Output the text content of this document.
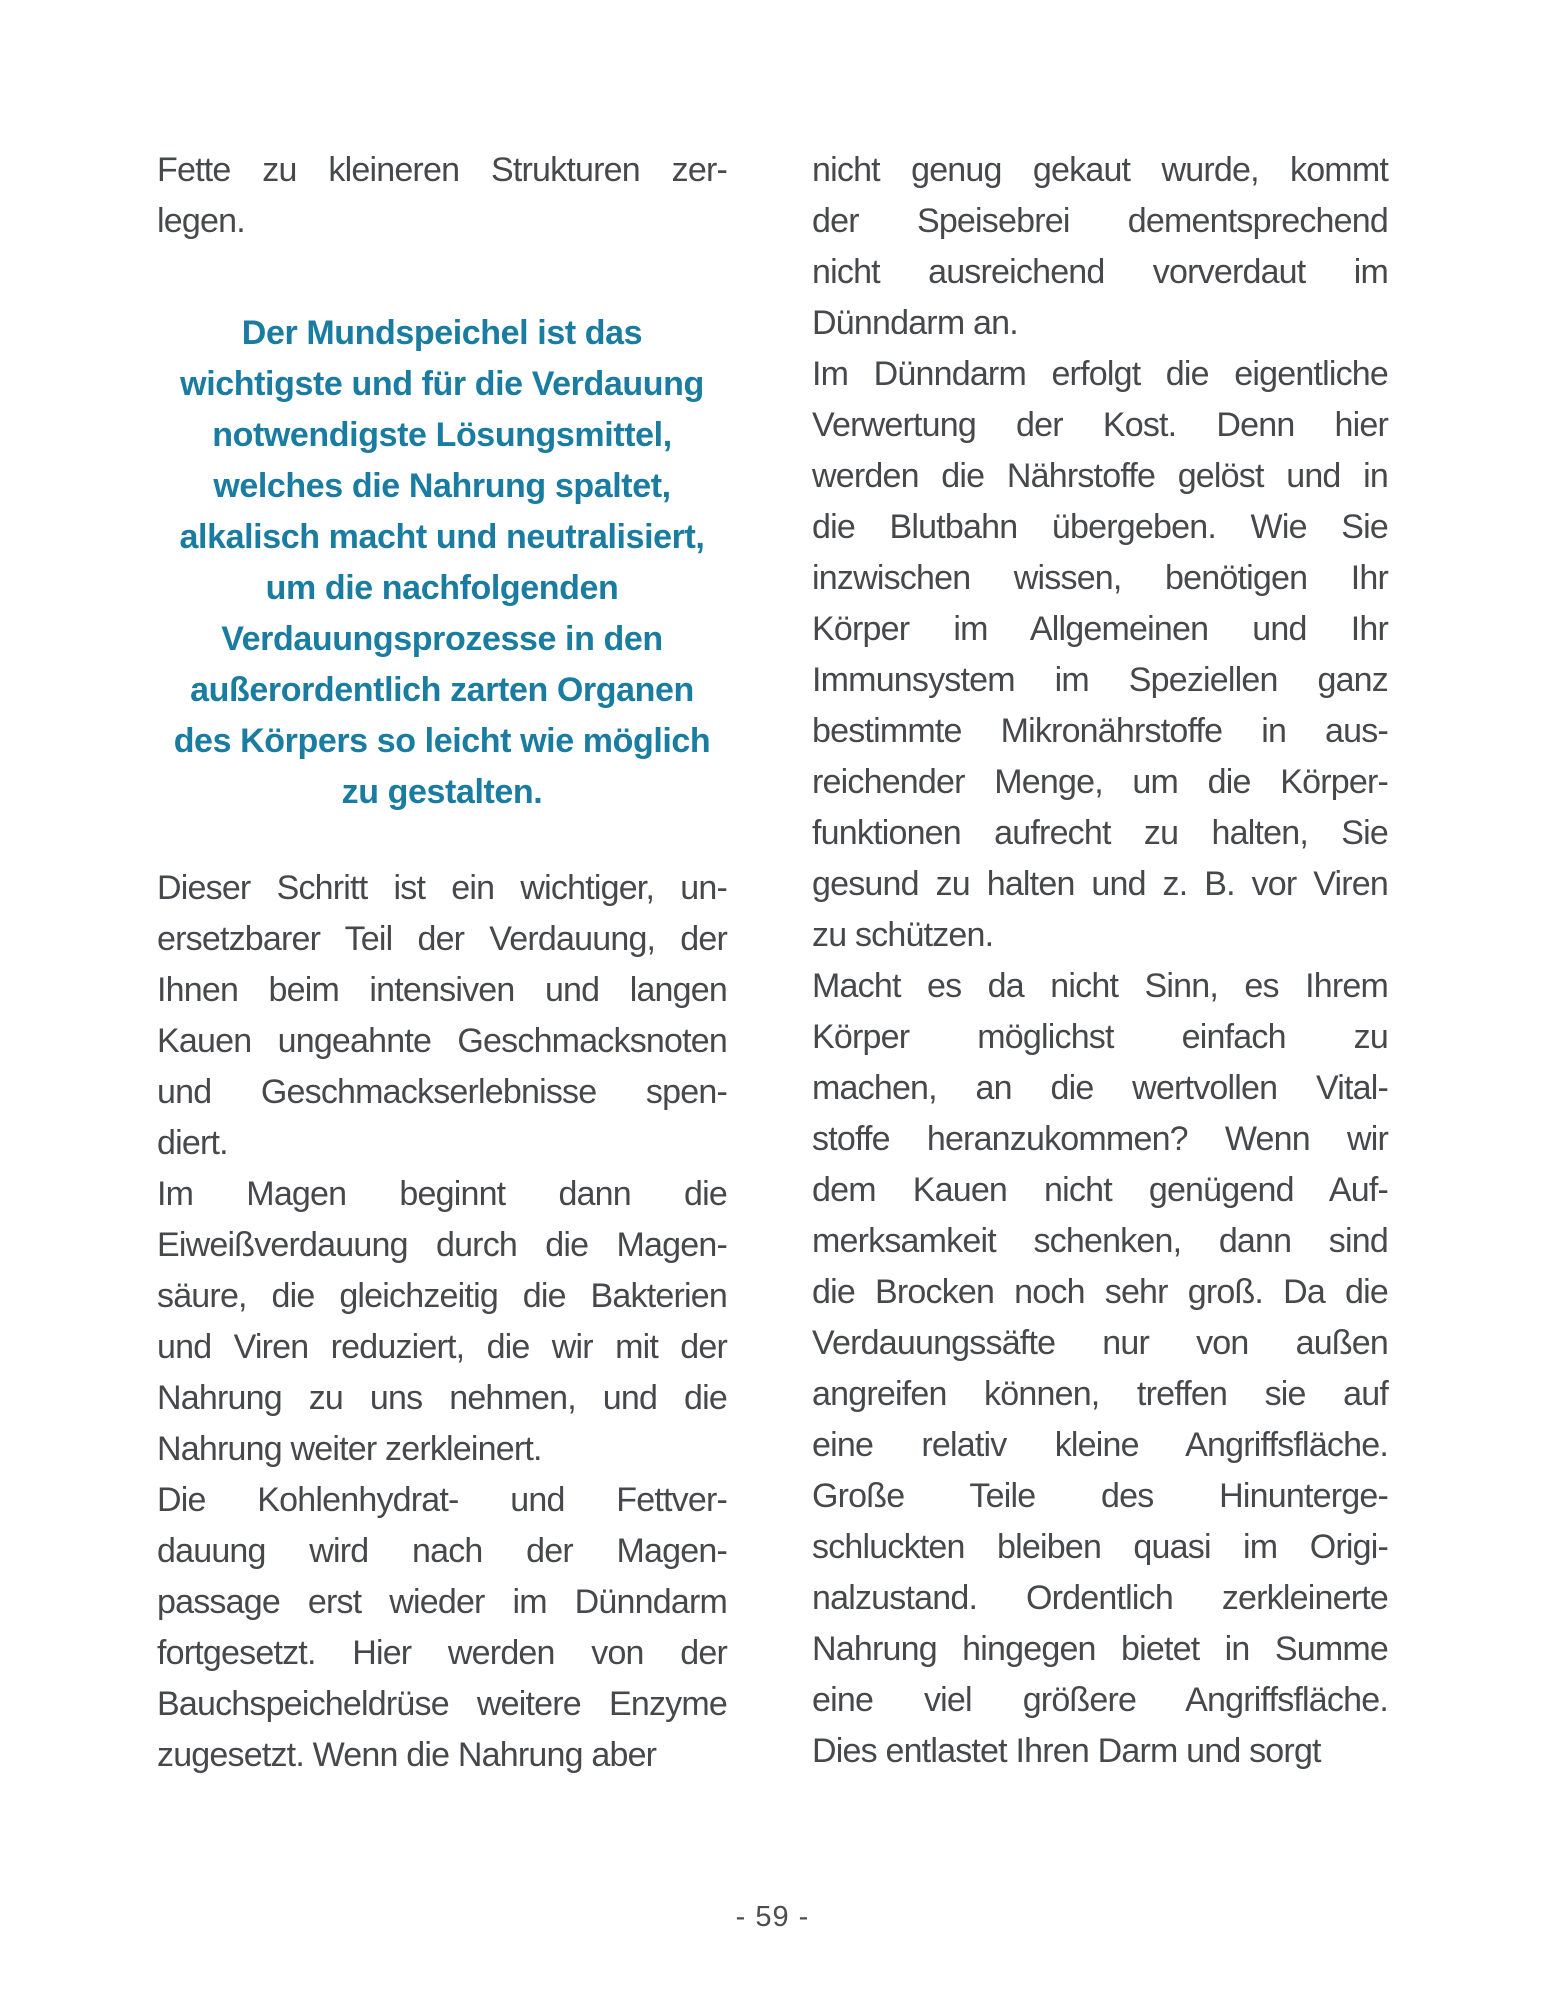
Fette zu kleineren Strukturen zer-
legen.
Der Mundspeichel ist das
wichtigste und für die Verdauung
notwendigste Lösungsmittel,
welches die Nahrung spaltet,
alkalisch macht und neutralisiert,
um die nachfolgenden
Verdauungsprozesse in den
außerordentlich zarten Organen
des Körpers so leicht wie möglich
zu gestalten.
Dieser Schritt ist ein wichtiger, un-
ersetzbarer Teil der Verdauung, der
Ihnen beim intensiven und langen
Kauen ungeahnte Geschmacksnoten
und Geschmackserlebnisse spen-
diert.
Im Magen beginnt dann die
Eiweißverdauung durch die Magen-
säure, die gleichzeitig die Bakterien
und Viren reduziert, die wir mit der
Nahrung zu uns nehmen, und die
Nahrung weiter zerkleinert.
Die Kohlenhydrat- und Fettver-
dauung wird nach der Magen-
passage erst wieder im Dünndarm
fortgesetzt. Hier werden von der
Bauchspeicheldrüse weitere Enzyme
zugesetzt. Wenn die Nahrung aber
nicht genug gekaut wurde, kommt
der Speisebrei dementsprechend
nicht ausreichend vorverdaut im
Dünndarm an.
Im Dünndarm erfolgt die eigentliche
Verwertung der Kost. Denn hier
werden die Nährstoffe gelöst und in
die Blutbahn übergeben. Wie Sie
inzwischen wissen, benötigen Ihr
Körper im Allgemeinen und Ihr
Immunsystem im Speziellen ganz
bestimmte Mikronährstoffe in aus-
reichender Menge, um die Körper-
funktionen aufrecht zu halten, Sie
gesund zu halten und z. B. vor Viren
zu schützen.
Macht es da nicht Sinn, es Ihrem
Körper möglichst einfach zu
machen, an die wertvollen Vital-
stoffe heranzukommen? Wenn wir
dem Kauen nicht genügend Auf-
merksamkeit schenken, dann sind
die Brocken noch sehr groß. Da die
Verdauungssäfte nur von außen
angreifen können, treffen sie auf
eine relativ kleine Angriffsfläche.
Große Teile des Hinunterge-
schluckten bleiben quasi im Origi-
nalzustand. Ordentlich zerkleinerte
Nahrung hingegen bietet in Summe
eine viel größere Angriffsfläche.
Dies entlastet Ihren Darm und sorgt
- 59 -
